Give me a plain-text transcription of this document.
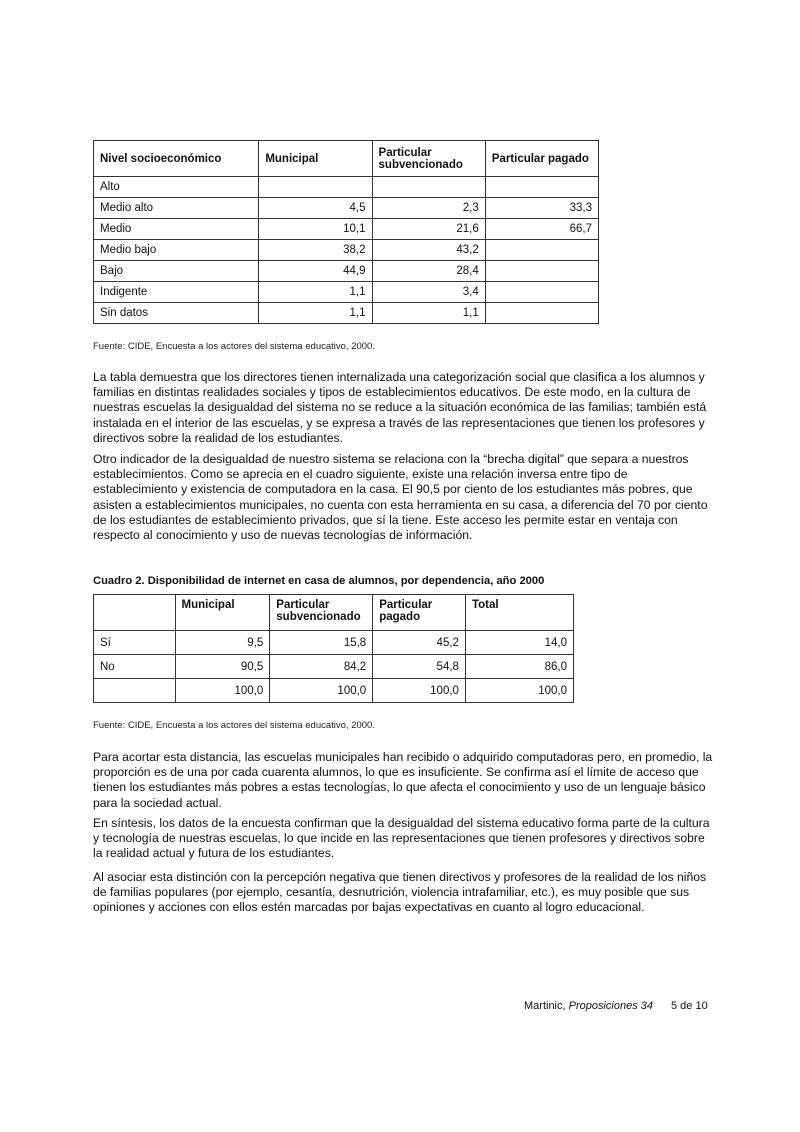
Nivel socioeconómico	Municipal	Particular subvencionado	Particular pagado
Alto			
Medio alto	4,5	2,3	33,3
Medio	10,1	21,6	66,7
Medio bajo	38,2	43,2	
Bajo	44,9	28,4	
Indigente	1,1	3,4	
Sin datos	1,1	1,1	
Fuente: CIDE, Encuesta a los actores del sistema educativo, 2000.

La tabla demuestra que los directores tienen internalizada una categorización social que clasifica a los alumnos y familias en distintas realidades sociales y tipos de establecimientos educativos. De este modo, en la cultura de nuestras escuelas la desigualdad del sistema no se reduce a la situación económica de las familias; también está instalada en el interior de las escuelas, y se expresa a través de las representaciones que tienen los profesores y directivos sobre la realidad de los estudiantes.

Otro indicador de la desigualdad de nuestro sistema se relaciona con la “brecha digital” que separa a nuestros establecimientos. Como se aprecia en el cuadro siguiente, existe una relación inversa entre tipo de establecimiento y existencia de computadora en la casa. El 90,5 por ciento de los estudiantes más pobres, que asisten a establecimientos municipales, no cuenta con esta herramienta en su casa, a diferencia del 70 por ciento de los estudiantes de establecimiento privados, que sí la tiene. Este acceso les permite estar en ventaja con respecto al conocimiento y uso de nuevas tecnologías de información.

Cuadro 2. Disponibilidad de internet en casa de alumnos, por dependencia, año 2000
	Municipal	Particular subvencionado	Particular pagado	Total
Sí	9,5	15,8	45,2	14,0
No	90,5	84,2	54,8	86,0
	100,0	100,0	100,0	100,0
Fuente: CIDE, Encuesta a los actores del sistema educativo, 2000.

Para acortar esta distancia, las escuelas municipales han recibido o adquirido computadoras pero, en promedio, la proporción es de una por cada cuarenta alumnos, lo que es insuficiente. Se confirma así el límite de acceso que tienen los estudiantes más pobres a estas tecnologías, lo que afecta el conocimiento y uso de un lenguaje básico para la sociedad actual.

En síntesis, los datos de la encuesta confirman que la desigualdad del sistema educativo forma parte de la cultura y tecnología de nuestras escuelas, lo que incide en las representaciones que tienen profesores y directivos sobre la realidad actual y futura de los estudiantes.

Al asociar esta distinción con la percepción negativa que tienen directivos y profesores de la realidad de los niños de familias populares (por ejemplo, cesantía, desnutrición, violencia intrafamiliar, etc.), es muy posible que sus opiniones y acciones con ellos estén marcadas por bajas expectativas en cuanto al logro educacional.

Martinic, Proposiciones 34 5 de 10
